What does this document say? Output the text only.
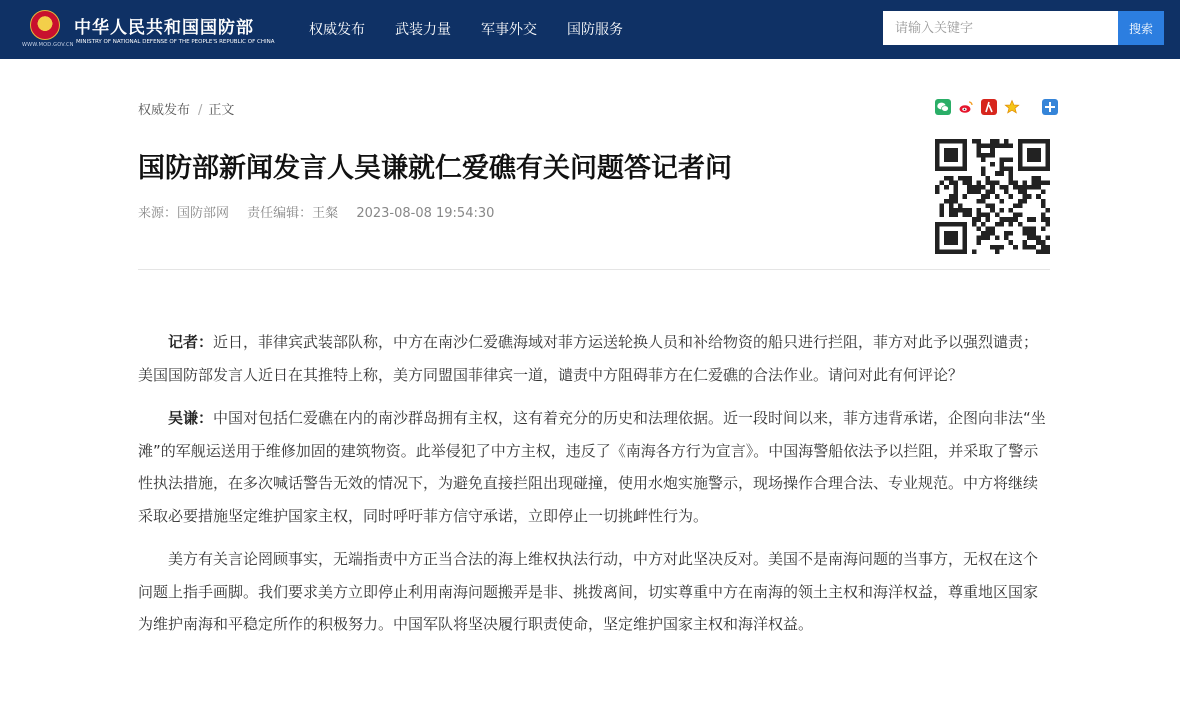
WWW.MOD.GOV.CN
中华人民共和国国防部
MINISTRY OF NATIONAL DEFENSE OF THE PEOPLE'S REPUBLIC OF CHINA
权威发布 武装力量 军事外交 国防服务
请输入关键字	搜索
权威发布 / 正文
国防部新闻发言人吴谦就仁爱礁有关问题答记者问
来源：国防部网 责任编辑：王粲 2023-08-08 19:54:30

记者：近日，菲律宾武装部队称，中方在南沙仁爱礁海域对菲方运送轮换人员和补给物资的船只进行拦阻，菲方对此予以强烈谴责；美国国防部发言人近日在其推特上称，美方同盟国菲律宾一道，谴责中方阻碍菲方在仁爱礁的合法作业。请问对此有何评论？

吴谦：中国对包括仁爱礁在内的南沙群岛拥有主权，这有着充分的历史和法理依据。近一段时间以来，菲方违背承诺，企图向非法“坐滩”的军舰运送用于维修加固的建筑物资。此举侵犯了中方主权，违反了《南海各方行为宣言》。中国海警船依法予以拦阻，并采取了警示性执法措施，在多次喊话警告无效的情况下，为避免直接拦阻出现碰撞，使用水炮实施警示，现场操作合理合法、专业规范。中方将继续采取必要措施坚定维护国家主权，同时呼吁菲方信守承诺，立即停止一切挑衅性行为。

美方有关言论罔顾事实，无端指责中方正当合法的海上维权执法行动，中方对此坚决反对。美国不是南海问题的当事方，无权在这个问题上指手画脚。我们要求美方立即停止利用南海问题搬弄是非、挑拨离间，切实尊重中方在南海的领土主权和海洋权益，尊重地区国家为维护南海和平稳定所作的积极努力。中国军队将坚决履行职责使命，坚定维护国家主权和海洋权益。
